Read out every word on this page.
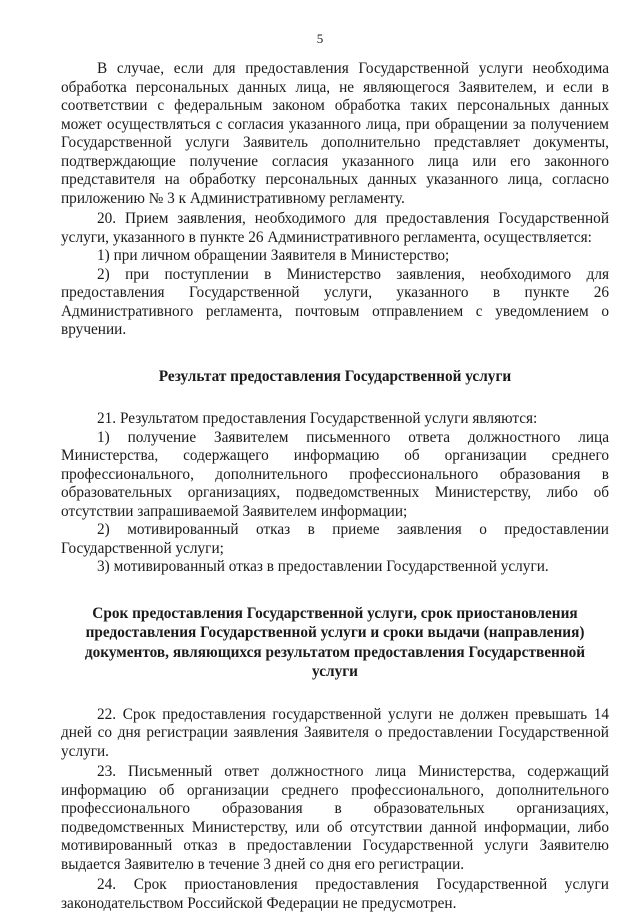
5

В случае, если для предоставления Государственной услуги необходима обработка персональных данных лица, не являющегося Заявителем, и если в соответствии с федеральным законом обработка таких персональных данных может осуществляться с согласия указанного лица, при обращении за получением Государственной услуги Заявитель дополнительно представляет документы, подтверждающие получение согласия указанного лица или его законного представителя на обработку персональных данных указанного лица, согласно приложению № 3 к Административному регламенту.

20. Прием заявления, необходимого для предоставления Государственной услуги, указанного в пункте 26 Административного регламента, осуществляется:

1) при личном обращении Заявителя в Министерство;

2) при поступлении в Министерство заявления, необходимого для предоставления Государственной услуги, указанного в пункте 26 Административного регламента, почтовым отправлением с уведомлением о вручении.

Результат предоставления Государственной услуги

21. Результатом предоставления Государственной услуги являются:

1) получение Заявителем письменного ответа должностного лица Министерства, содержащего информацию об организации среднего профессионального, дополнительного профессионального образования в образовательных организациях, подведомственных Министерству, либо об отсутствии запрашиваемой Заявителем информации;

2) мотивированный отказ в приеме заявления о предоставлении Государственной услуги;

3) мотивированный отказ в предоставлении Государственной услуги.

Срок предоставления Государственной услуги, срок приостановления предоставления Государственной услуги и сроки выдачи (направления) документов, являющихся результатом предоставления Государственной услуги

22. Срок предоставления государственной услуги не должен превышать 14 дней со дня регистрации заявления Заявителя о предоставлении Государственной услуги.

23. Письменный ответ должностного лица Министерства, содержащий информацию об организации среднего профессионального, дополнительного профессионального образования в образовательных организациях, подведомственных Министерству, или об отсутствии данной информации, либо мотивированный отказ в предоставлении Государственной услуги Заявителю выдается Заявителю в течение 3 дней со дня его регистрации.

24. Срок приостановления предоставления Государственной услуги законодательством Российской Федерации не предусмотрен.
